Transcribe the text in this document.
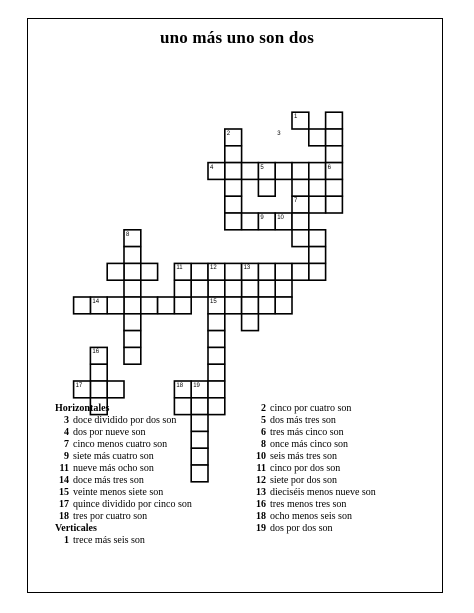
uno más uno son dos
1
2	3
4	5	6
7
8
9 10
11	12	13
14	15
16
17	18 19
Horizontales
3 doce dividido por dos son
4 dos por nueve son
7 cinco menos cuatro son
9 siete más cuatro son
11 nueve más ocho son
14 doce más tres son
15 veinte menos siete son
17 quince dividido por cinco son
18 tres por cuatro son
Verticales
1 trece más seis son
2 cinco por cuatro son
5 dos más tres son
6 tres más cinco son
8 once más cinco son
10 seis más tres son
11 cinco por dos son
12 siete por dos son
13 dieciséis menos nueve son
16 tres menos tres son
18 ocho menos seis son
19 dos por dos son
